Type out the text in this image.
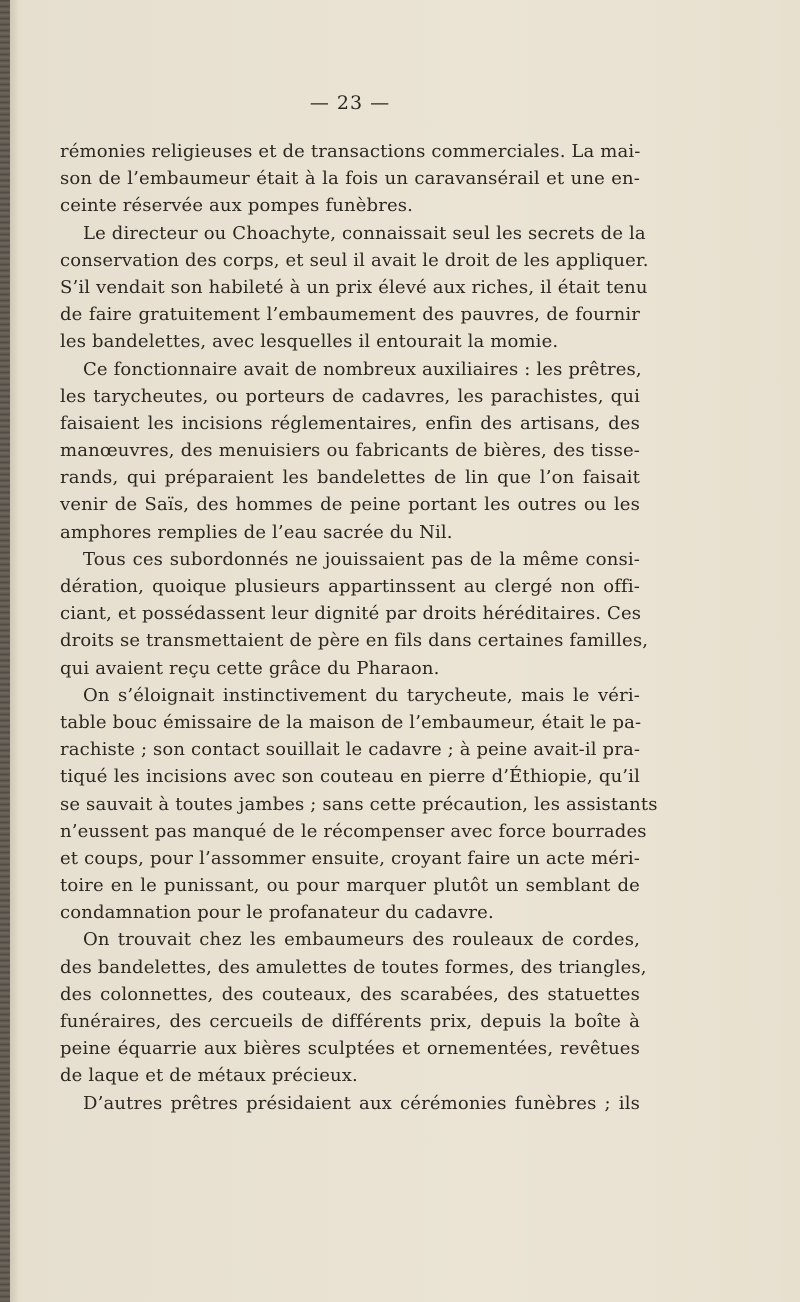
— 23 —
rémonies religieuses et de transactions commerciales. La mai-
son de l’embaumeur était à la fois un caravansérail et une en-
ceinte réservée aux pompes funèbres.
Le directeur ou Choachyte, connaissait seul les secrets de la
conservation des corps, et seul il avait le droit de les appliquer.
S’il vendait son habileté à un prix élevé aux riches, il était tenu
de faire gratuitement l’embaumement des pauvres, de fournir
les bandelettes, avec lesquelles il entourait la momie.
Ce fonctionnaire avait de nombreux auxiliaires : les prêtres,
les tarycheutes, ou porteurs de cadavres, les parachistes, qui
faisaient les incisions réglementaires, enfin des artisans, des
manœuvres, des menuisiers ou fabricants de bières, des tisse-
rands, qui préparaient les bandelettes de lin que l’on faisait
venir de Saïs, des hommes de peine portant les outres ou les
amphores remplies de l’eau sacrée du Nil.
Tous ces subordonnés ne jouissaient pas de la même consi-
dération, quoique plusieurs appartinssent au clergé non offi-
ciant, et possédassent leur dignité par droits héréditaires. Ces
droits se transmettaient de père en fils dans certaines familles,
qui avaient reçu cette grâce du Pharaon.
On s’éloignait instinctivement du tarycheute, mais le véri-
table bouc émissaire de la maison de l’embaumeur, était le pa-
rachiste ; son contact souillait le cadavre ; à peine avait-il pra-
tiqué les incisions avec son couteau en pierre d’Éthiopie, qu’il
se sauvait à toutes jambes ; sans cette précaution, les assistants
n’eussent pas manqué de le récompenser avec force bourrades
et coups, pour l’assommer ensuite, croyant faire un acte méri-
toire en le punissant, ou pour marquer plutôt un semblant de
condamnation pour le profanateur du cadavre.
On trouvait chez les embaumeurs des rouleaux de cordes,
des bandelettes, des amulettes de toutes formes, des triangles,
des colonnettes, des couteaux, des scarabées, des statuettes
funéraires, des cercueils de différents prix, depuis la boîte à
peine équarrie aux bières sculptées et ornementées, revêtues
de laque et de métaux précieux.
D’autres prêtres présidaient aux cérémonies funèbres ; ils
